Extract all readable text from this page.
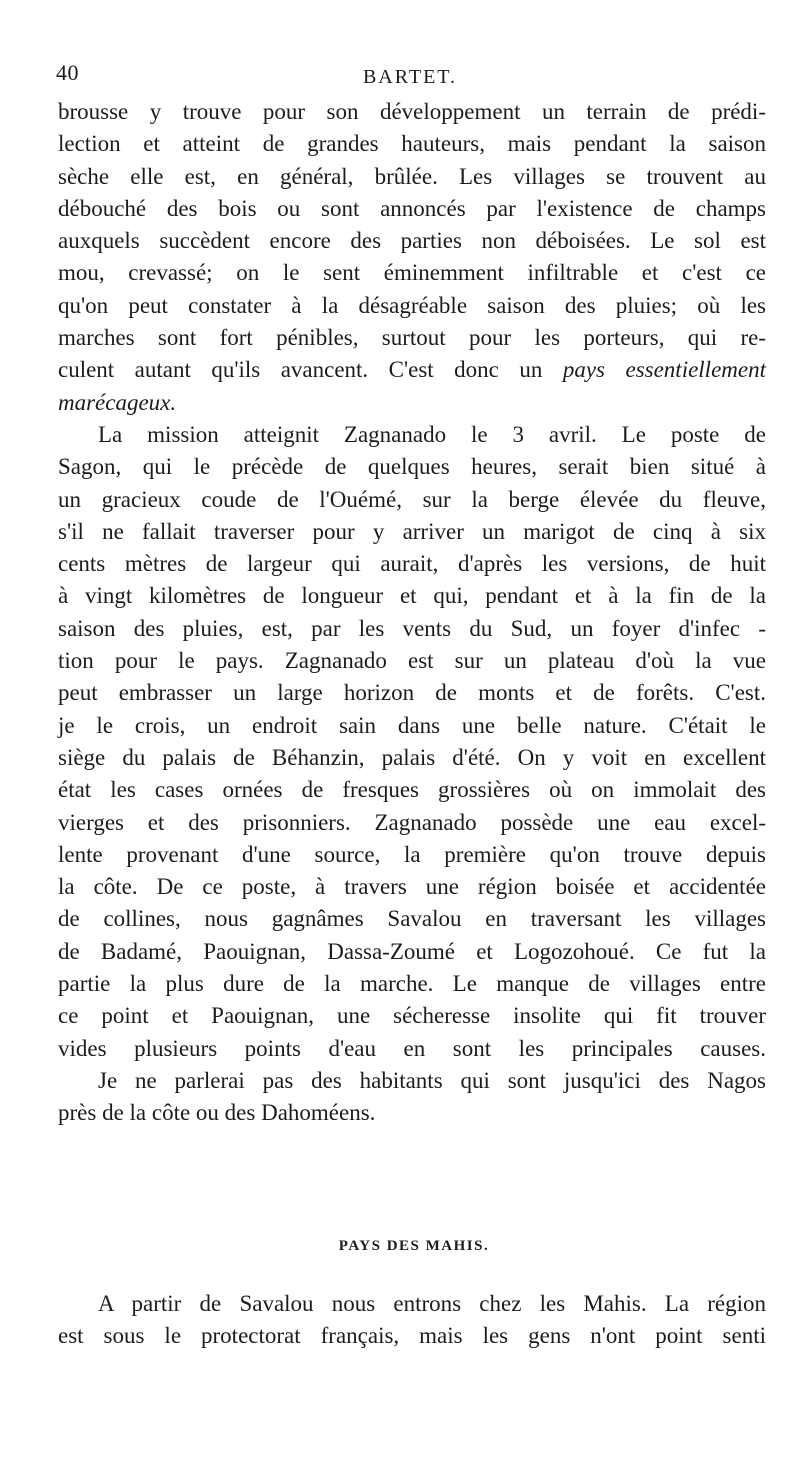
40	BARTET.
brousse y trouve pour son développement un terrain de prédi-
lection et atteint de grandes hauteurs, mais pendant la saison
sèche elle est, en général, brûlée. Les villages se trouvent au
débouché des bois ou sont annoncés par l'existence de champs
auxquels succèdent encore des parties non déboisées. Le sol est
mou, crevassé; on le sent éminemment infiltrable et c'est ce
qu'on peut constater à la désagréable saison des pluies; où les
marches sont fort pénibles, surtout pour les porteurs, qui re-
culent autant qu'ils avancent. C'est donc un pays essentiellement
marécageux.
La mission atteignit Zagnanado le 3 avril. Le poste de
Sagon, qui le précède de quelques heures, serait bien situé à
un gracieux coude de l'Ouémé, sur la berge élevée du fleuve,
s'il ne fallait traverser pour y arriver un marigot de cinq à six
cents mètres de largeur qui aurait, d'après les versions, de huit
à vingt kilomètres de longueur et qui, pendant et à la fin de la
saison des pluies, est, par les vents du Sud, un foyer d'infec -
tion pour le pays. Zagnanado est sur un plateau d'où la vue
peut embrasser un large horizon de monts et de forêts. C'est.
je le crois, un endroit sain dans une belle nature. C'était le
siège du palais de Béhanzin, palais d'été. On y voit en excellent
état les cases ornées de fresques grossières où on immolait des
vierges et des prisonniers. Zagnanado possède une eau excel-
lente provenant d'une source, la première qu'on trouve depuis
la côte. De ce poste, à travers une région boisée et accidentée
de collines, nous gagnâmes Savalou en traversant les villages
de Badamé, Paouignan, Dassa-Zoumé et Logozohoué. Ce fut la
partie la plus dure de la marche. Le manque de villages entre
ce point et Paouignan, une sécheresse insolite qui fit trouver
vides plusieurs points d'eau en sont les principales causes.
Je ne parlerai pas des habitants qui sont jusqu'ici des Nagos
près de la côte ou des Dahoméens.
PAYS DES MAHIS.
A partir de Savalou nous entrons chez les Mahis. La région
est sous le protectorat français, mais les gens n'ont point senti
